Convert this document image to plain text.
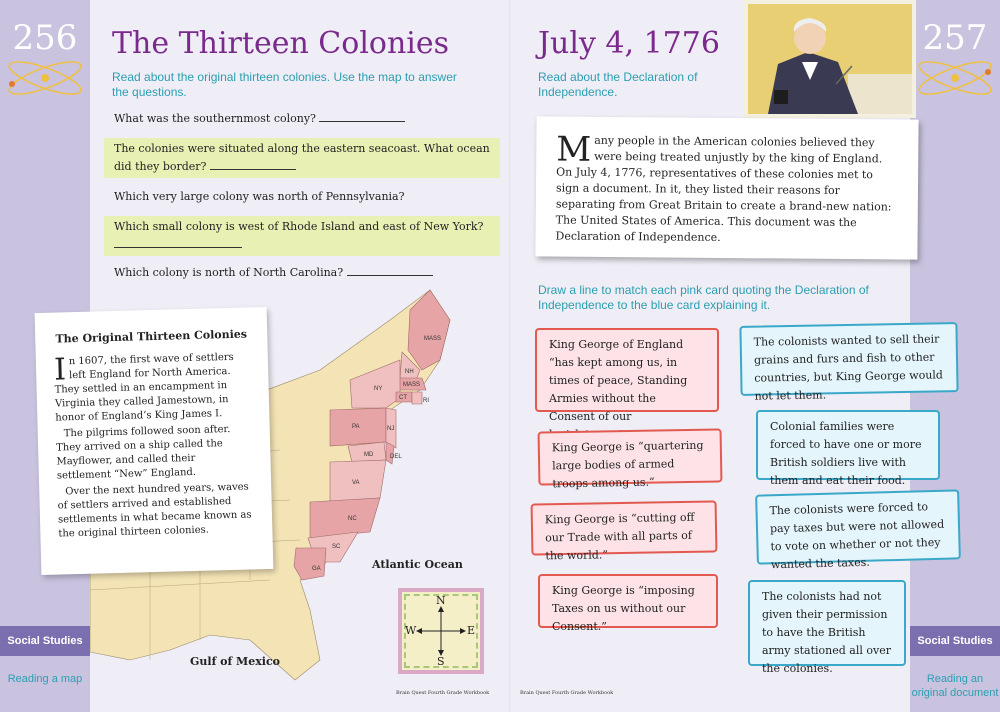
256
Social Studies
Reading a map
257
Social Studies
Reading an original document
The Thirteen Colonies
Read about the original thirteen colonies. Use the map to answer the questions.
What was the southernmost colony?
The colonies were situated along the eastern seacoast. What ocean did they border?
Which very large colony was north of Pennsylvania?
Which small colony is west of Rhode Island and east of New York?
Which colony is north of North Carolina?
MASS
NH
MASS
NY
CT	RI
PA	NJ
MD	DEL
VA
NC
SC
GA	Atlantic Ocean
Gulf of Mexico
N
S
E
W
The Original Thirteen Colonies

In 1607, the first wave of settlers left England for North America. They settled in an encampment in Virginia they called Jamestown, in honor of England’s King James I.

The pilgrims followed soon after. They arrived on a ship called the Mayflower, and called their settlement “New” England.

Over the next hundred years, waves of settlers arrived and established settlements in what became known as the original thirteen colonies.

Brain Quest Fourth Grade Workbook
July 4, 1776
Read about the Declaration of Independence.

Many people in the American colonies believed they were being treated unjustly by the king of England. On July 4, 1776, representatives of these colonies met to sign a document. In it, they listed their reasons for separating from Great Britain to create a brand-new nation: The United States of America. This document was the Declaration of Independence.

Draw a line to match each pink card quoting the Declaration of Independence to the blue card explaining it.
King George of England “has kept among us, in times of peace, Standing Armies without the Consent of our
King George is “quartering large bodies of armed troops among us.”
King George is “cutting off our Trade with all parts of the world.”
King George is “imposing Taxes on us without our Consent.”
The colonists wanted to sell their grains and furs and fish to other countries, but King George would not let them.
Colonial families were forced to have one or more British soldiers live with them and eat their food.
The colonists were forced to pay taxes but were not allowed to vote on whether or not they wanted the taxes.
The colonists had not given their permission to have the British army stationed all over the colonies.
Brain Quest Fourth Grade Workbook
